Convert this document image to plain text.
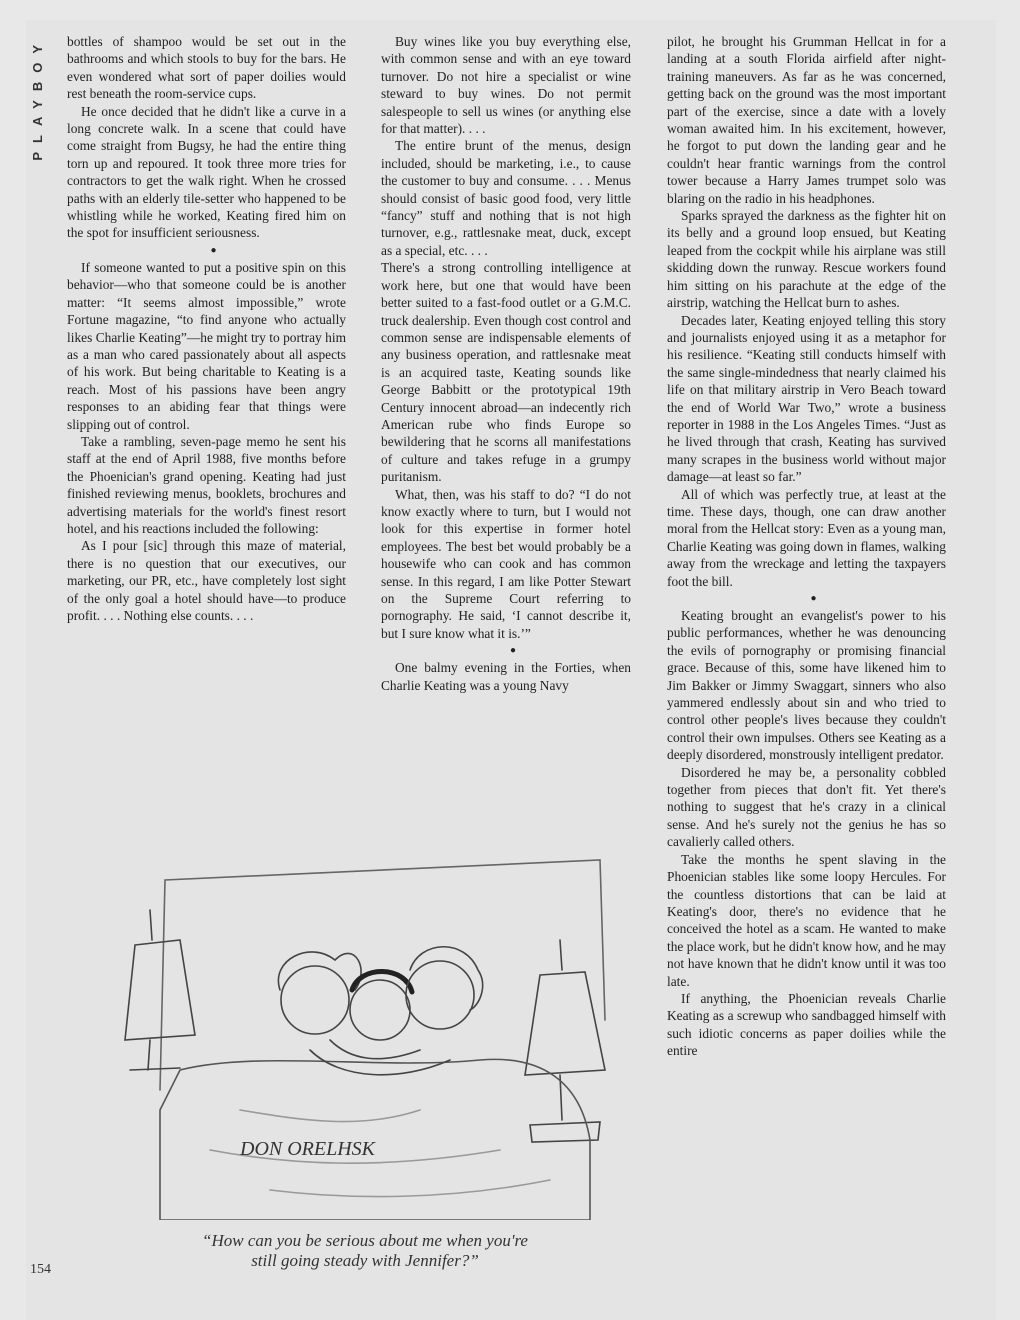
PLAYBOY bottles of shampoo would be set out in the bathrooms and which stools to buy for the bars. He even wondered what sort of paper doilies would rest beneath the room-service cups.

He once decided that he didn't like a curve in a long concrete walk. In a scene that could have come straight from Bugsy, he had the entire thing torn up and repoured. It took three more tries for contractors to get the walk right. When he crossed paths with an elderly tile-setter who happened to be whistling while he worked, Keating fired him on the spot for insufficient seriousness.

●

If someone wanted to put a positive spin on this behavior—who that someone could be is another matter: “It seems almost impossible,” wrote Fortune magazine, “to find anyone who actually likes Charlie Keating”—he might try to portray him as a man who cared passionately about all aspects of his work. But being charitable to Keating is a reach. Most of his passions have been angry responses to an abiding fear that things were slipping out of control.

Take a rambling, seven-page memo he sent his staff at the end of April 1988, five months before the Phoenician's grand opening. Keating had just finished reviewing menus, booklets, brochures and advertising materials for the world's finest resort hotel, and his reactions included the following:

As I pour [sic] through this maze of material, there is no question that our executives, our marketing, our PR, etc., have completely lost sight of the only goal a hotel should have—to produce profit. . . . Nothing else counts. . . .

Buy wines like you buy everything else, with common sense and with an eye toward turnover. Do not hire a specialist or wine steward to buy wines. Do not permit salespeople to sell us wines (or anything else for that matter). . . .

The entire brunt of the menus, design included, should be marketing, i.e., to cause the customer to buy and consume. . . . Menus should consist of basic good food, very little “fancy” stuff and nothing that is not high turnover, e.g., rattlesnake meat, duck, except as a special, etc. . . .

There's a strong controlling intelligence at work here, but one that would have been better suited to a fast-food outlet or a G.M.C. truck dealership. Even though cost control and common sense are indispensable elements of any business operation, and rattlesnake meat is an acquired taste, Keating sounds like George Babbitt or the prototypical 19th Century innocent abroad—an indecently rich American rube who finds Europe so bewildering that he scorns all manifestations of culture and takes refuge in a grumpy puritanism.

What, then, was his staff to do? “I do not know exactly where to turn, but I would not look for this expertise in former hotel employees. The best bet would probably be a housewife who can cook and has common sense. In this regard, I am like Potter Stewart on the Supreme Court referring to pornography. He said, ‘I cannot describe it, but I sure know what it is.’”

●

One balmy evening in the Forties, when Charlie Keating was a young Navy

pilot, he brought his Grumman Hellcat in for a landing at a south Florida airfield after night-training maneuvers. As far as he was concerned, getting back on the ground was the most important part of the exercise, since a date with a lovely woman awaited him. In his excitement, however, he forgot to put down the landing gear and he couldn't hear frantic warnings from the control tower because a Harry James trumpet solo was blaring on the radio in his headphones.

Sparks sprayed the darkness as the fighter hit on its belly and a ground loop ensued, but Keating leaped from the cockpit while his airplane was still skidding down the runway. Rescue workers found him sitting on his parachute at the edge of the airstrip, watching the Hellcat burn to ashes.

Decades later, Keating enjoyed telling this story and journalists enjoyed using it as a metaphor for his resilience. “Keating still conducts himself with the same single-mindedness that nearly claimed his life on that military airstrip in Vero Beach toward the end of World War Two,” wrote a business reporter in 1988 in the Los Angeles Times. “Just as he lived through that crash, Keating has survived many scrapes in the business world without major damage—at least so far.”

All of which was perfectly true, at least at the time. These days, though, one can draw another moral from the Hellcat story: Even as a young man, Charlie Keating was going down in flames, walking away from the wreckage and letting the taxpayers foot the bill.

●

Keating brought an evangelist's power to his public performances, whether he was denouncing the evils of pornography or promising financial grace. Because of this, some have likened him to Jim Bakker or Jimmy Swaggart, sinners who also yammered endlessly about sin and who tried to control other people's lives because they couldn't control their own impulses. Others see Keating as a deeply disordered, monstrously intelligent predator.

Disordered he may be, a personality cobbled together from pieces that don't fit. Yet there's nothing to suggest that he's crazy in a clinical sense. And he's surely not the genius he has so cavalierly called others.

Take the months he spent slaving in the Phoenician stables like some loopy Hercules. For the countless distortions that can be laid at Keating's door, there's no evidence that he conceived the hotel as a scam. He wanted to make the place work, but he didn't know how, and he may not have known that he didn't know until it was too late.

If anything, the Phoenician reveals Charlie Keating as a screwup who sandbagged himself with such idiotic concerns as paper doilies while the entire

DON ORELHSK
“How can you be serious about me when you're
still going steady with Jennifer?”
154
